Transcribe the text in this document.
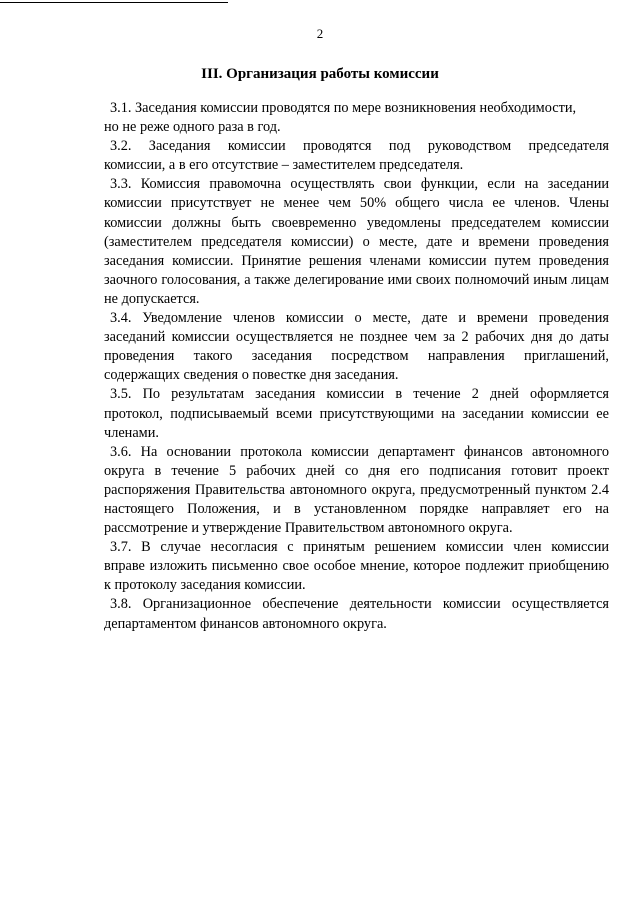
2
III. Организация работы комиссии
3.1. Заседания комиссии проводятся по мере возникновения необходимости,
но не реже одного раза в год.
3.2. Заседания комиссии проводятся под руководством председателя
комиссии, а в его отсутствие – заместителем председателя.
3.3. Комиссия правомочна осуществлять свои функции, если на заседании
комиссии присутствует не менее чем 50% общего числа ее членов. Члены
комиссии должны быть своевременно уведомлены председателем комиссии
(заместителем председателя комиссии) о месте, дате и времени проведения
заседания комиссии. Принятие решения членами комиссии путем проведения
заочного голосования, а также делегирование ими своих полномочий иным лицам
не допускается.
3.4. Уведомление членов комиссии о месте, дате и времени проведения
заседаний комиссии осуществляется не позднее чем за 2 рабочих дня до даты
проведения такого заседания посредством направления приглашений,
содержащих сведения о повестке дня заседания.
3.5. По результатам заседания комиссии в течение 2 дней оформляется
протокол, подписываемый всеми присутствующими на заседании комиссии ее
членами.
3.6. На основании протокола комиссии департамент финансов автономного
округа в течение 5 рабочих дней со дня его подписания готовит проект
распоряжения Правительства автономного округа, предусмотренный пунктом 2.4
настоящего Положения, и в установленном порядке направляет его на
рассмотрение и утверждение Правительством автономного округа.
3.7. В случае несогласия с принятым решением комиссии член комиссии
вправе изложить письменно свое особое мнение, которое подлежит приобщению
к протоколу заседания комиссии.
3.8. Организационное обеспечение деятельности комиссии осуществляется
департаментом финансов автономного округа.
